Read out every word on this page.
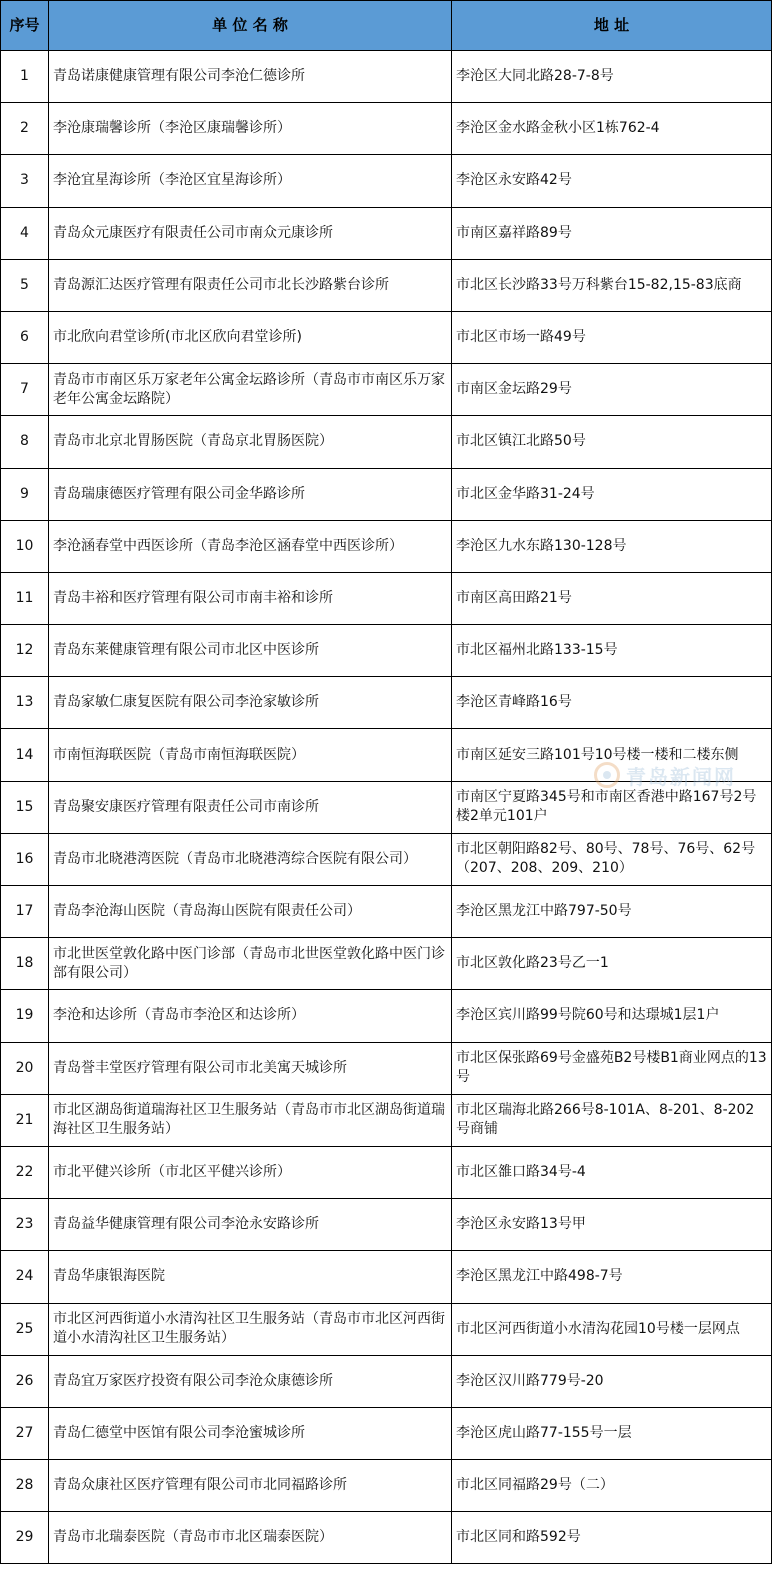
序号	单 位 名 称	地 址
1	青岛诺康健康管理有限公司李沧仁德诊所	李沧区大同北路28-7-8号
2	李沧康瑞馨诊所（李沧区康瑞馨诊所）	李沧区金水路金秋小区1栋762-4
3	李沧宜星海诊所（李沧区宜星海诊所）	李沧区永安路42号
4	青岛众元康医疗有限责任公司市南众元康诊所	市南区嘉祥路89号
5	青岛源汇达医疗管理有限责任公司市北长沙路紫台诊所	市北区长沙路33号万科紫台15-82,15-83底商
6	市北欣向君堂诊所(市北区欣向君堂诊所)	市北区市场一路49号
7	青岛市市南区乐万家老年公寓金坛路诊所（青岛市市南区乐万家老年公寓金坛路院）	市南区金坛路29号
8	青岛市北京北胃肠医院（青岛京北胃肠医院）	市北区镇江北路50号
9	青岛瑞康德医疗管理有限公司金华路诊所	市北区金华路31-24号
10	李沧涵春堂中西医诊所（青岛李沧区涵春堂中西医诊所）	李沧区九水东路130-128号
11	青岛丰裕和医疗管理有限公司市南丰裕和诊所	市南区高田路21号
12	青岛东莱健康管理有限公司市北区中医诊所	市北区福州北路133-15号
13	青岛家敏仁康复医院有限公司李沧家敏诊所	李沧区青峰路16号
14	市南恒海联医院（青岛市南恒海联医院）	市南区延安三路101号10号楼一楼和二楼东侧
15	青岛聚安康医疗管理有限责任公司市南诊所	市南区宁夏路345号和市南区香港中路167号2号楼2单元101户
16	青岛市北晓港湾医院（青岛市北晓港湾综合医院有限公司）	市北区朝阳路82号、80号、78号、76号、62号（207、208、209、210）
17	青岛李沧海山医院（青岛海山医院有限责任公司）	李沧区黑龙江中路797-50号
18	市北世医堂敦化路中医门诊部（青岛市北世医堂敦化路中医门诊部有限公司）	市北区敦化路23号乙一1
19	李沧和达诊所（青岛市李沧区和达诊所）	李沧区宾川路99号院60号和达璟城1层1户
20	青岛誉丰堂医疗管理有限公司市北美寓天城诊所	市北区保张路69号金盛苑B2号楼B1商业网点的13号
21	市北区湖岛街道瑞海社区卫生服务站（青岛市市北区湖岛街道瑞海社区卫生服务站）	市北区瑞海北路266号8-101A、8-201、8-202号商铺
22	市北平健兴诊所（市北区平健兴诊所）	市北区雒口路34号-4
23	青岛益华健康管理有限公司李沧永安路诊所	李沧区永安路13号甲
24	青岛华康银海医院	李沧区黑龙江中路498-7号
25	市北区河西街道小水清沟社区卫生服务站（青岛市市北区河西街道小水清沟社区卫生服务站）	市北区河西街道小水清沟花园10号楼一层网点
26	青岛宜万家医疗投资有限公司李沧众康德诊所	李沧区汉川路779号-20
27	青岛仁德堂中医馆有限公司李沧蜜城诊所	李沧区虎山路77-155号一层
28	青岛众康社区医疗管理有限公司市北同福路诊所	市北区同福路29号（二）
29	青岛市北瑞泰医院（青岛市市北区瑞泰医院）	市北区同和路592号
青岛新闻网
